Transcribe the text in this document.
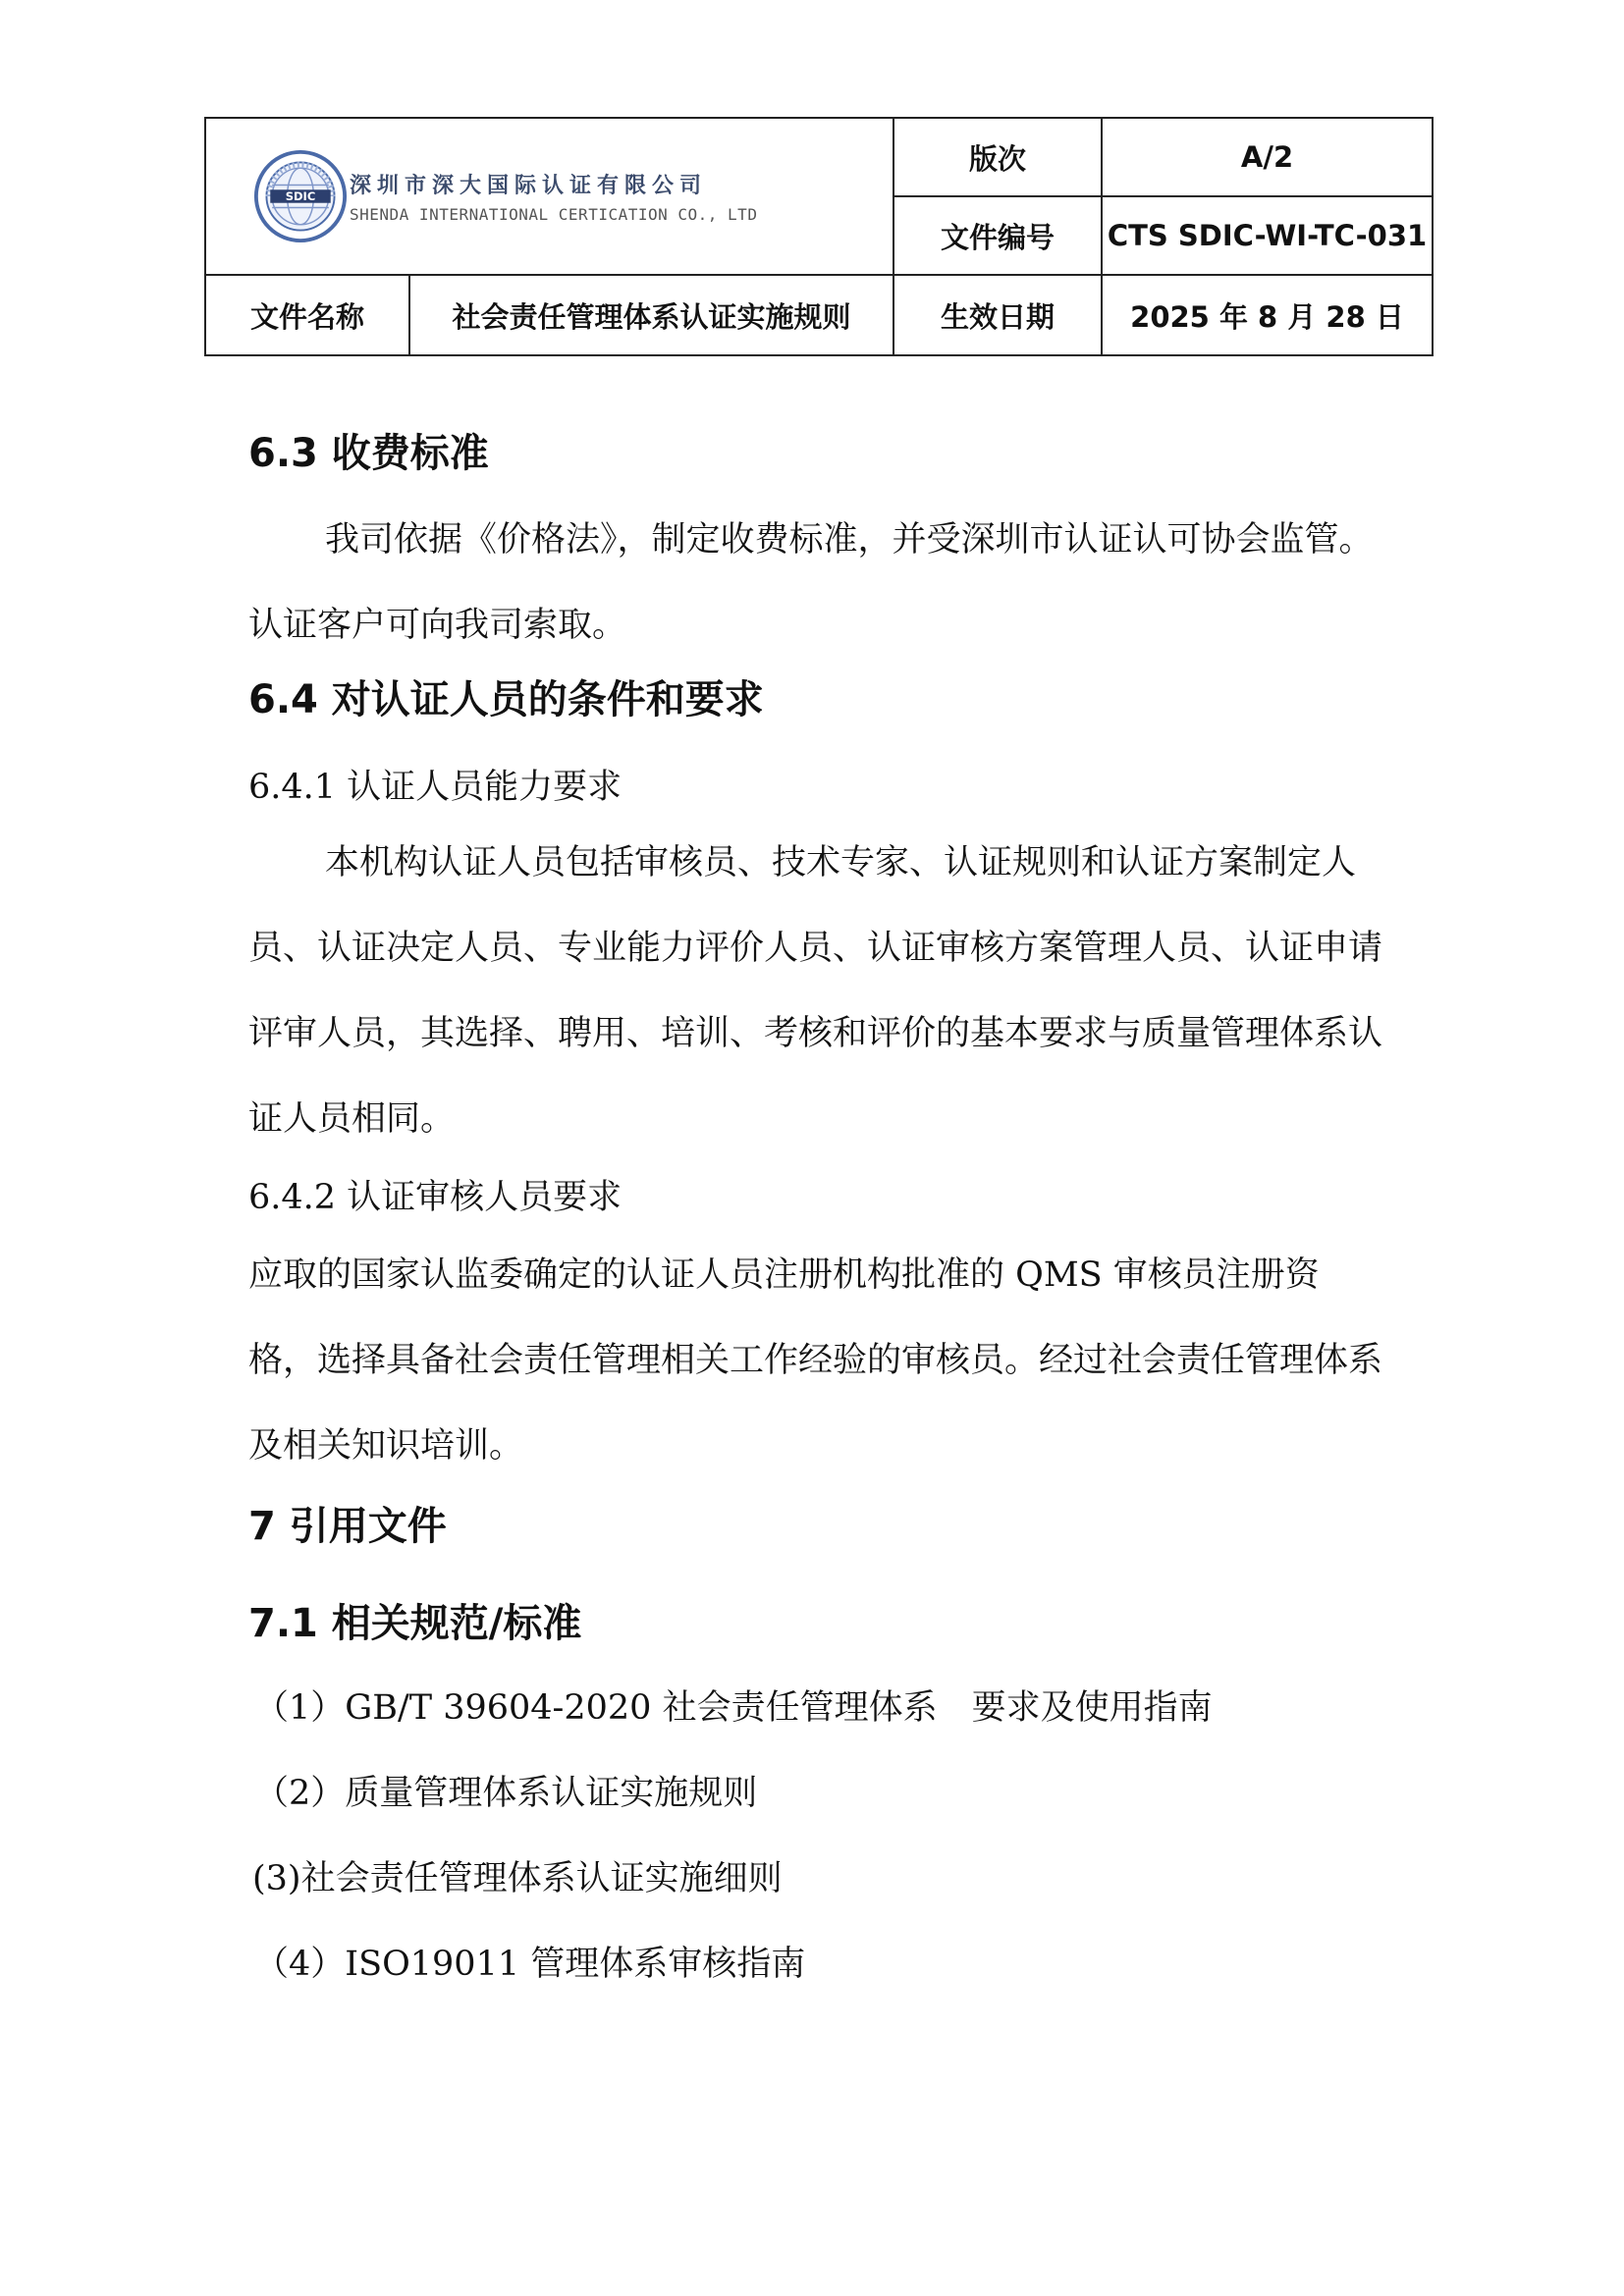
SDIC 深圳市深大国际认证有限公司
SHENDA INTERNATIONAL CERTICATION CO., LTD		版次	A/2
		文件编号	CTS SDIC-WI-TC-031
文件名称	社会责任管理体系认证实施规则	生效日期	2025 年 8 月 28 日
6.3 收费标准

我司依据《价格法》，制定收费标准，并受深圳市认证认可协会监管。认证客户可向我司索取。

6.4 对认证人员的条件和要求

6.4.1 认证人员能力要求

本机构认证人员包括审核员、技术专家、认证规则和认证方案制定人员、认证决定人员、专业能力评价人员、认证审核方案管理人员、认证申请评审人员，其选择、聘用、培训、考核和评价的基本要求与质量管理体系认证人员相同。

6.4.2 认证审核人员要求

应取的国家认监委确定的认证人员注册机构批准的 QMS 审核员注册资格，选择具备社会责任管理相关工作经验的审核员。经过社会责任管理体系及相关知识培训。

7 引用文件
7.1 相关规范/标准

（1）GB/T 39604-2020 社会责任管理体系　要求及使用指南

（2）质量管理体系认证实施规则

(3)社会责任管理体系认证实施细则

（4）ISO19011 管理体系审核指南
